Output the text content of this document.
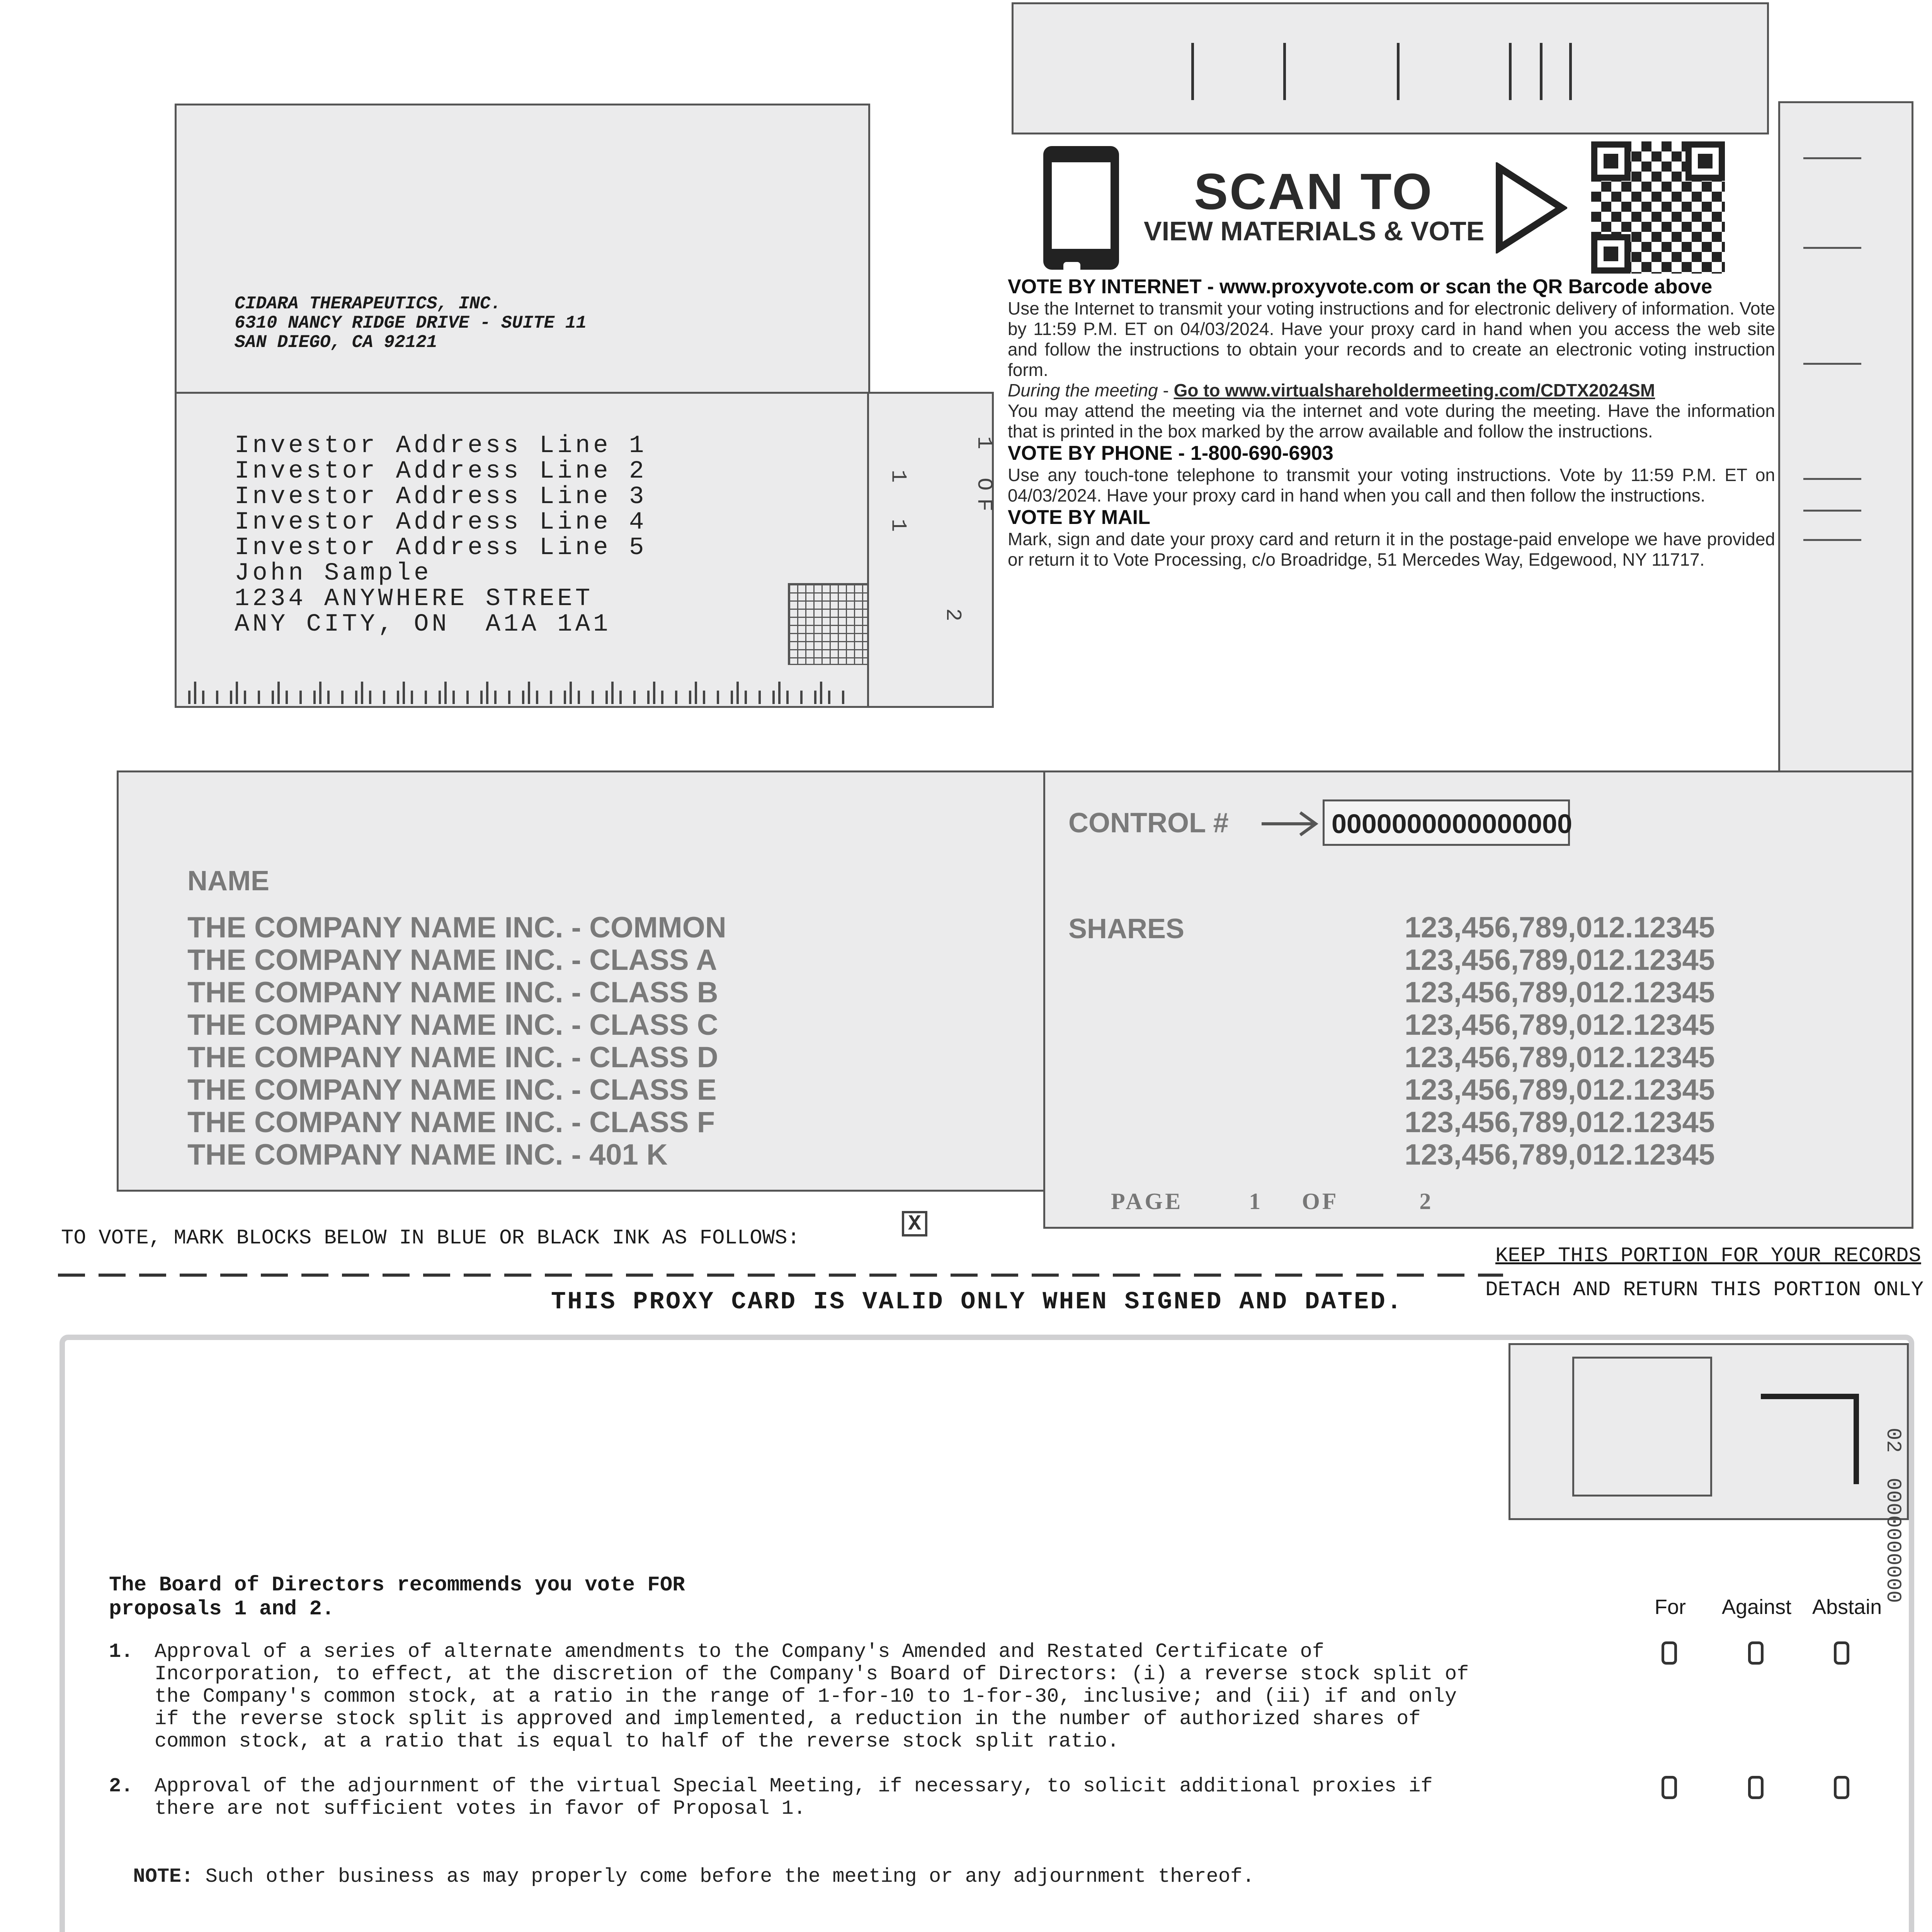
CIDARA THERAPEUTICS, INC.
6310 NANCY RIDGE DRIVE - SUITE 11
SAN DIEGO, CA 92121
Investor Address Line 1
Investor Address Line 2
Investor Address Line 3
Investor Address Line 4
Investor Address Line 5
John Sample
1234 ANYWHERE STREET
ANY CITY, ON  A1A 1A1
1 OF
1 1
2
SCAN TO
VIEW MATERIALS & VOTE
VOTE BY INTERNET - www.proxyvote.com or scan the QR Barcode above
Use the Internet to transmit your voting instructions and for electronic delivery of information. Vote by 11:59 P.M. ET on 04/03/2024. Have your proxy card in hand when you access the web site and follow the instructions to obtain your records and to create an electronic voting instruction form.
During the meeting - Go to www.virtualshareholdermeeting.com/CDTX2024SM
You may attend the meeting via the internet and vote during the meeting. Have the information that is printed in the box marked by the arrow available and follow the instructions.
VOTE BY PHONE - 1-800-690-6903
Use any touch-tone telephone to transmit your voting instructions. Vote by 11:59 P.M. ET on 04/03/2024. Have your proxy card in hand when you call and then follow the instructions.
VOTE BY MAIL
Mark, sign and date your proxy card and return it in the postage-paid envelope we have provided or return it to Vote Processing, c/o Broadridge, 51 Mercedes Way, Edgewood, NY 11717.
NAME
THE COMPANY NAME INC. - COMMON
THE COMPANY NAME INC. - CLASS A
THE COMPANY NAME INC. - CLASS B
THE COMPANY NAME INC. - CLASS C
THE COMPANY NAME INC. - CLASS D
THE COMPANY NAME INC. - CLASS E
THE COMPANY NAME INC. - CLASS F
THE COMPANY NAME INC. - 401 K
CONTROL #	0000000000000000
SHARES	123,456,789,012.12345
123,456,789,012.12345
123,456,789,012.12345
123,456,789,012.12345
123,456,789,012.12345
123,456,789,012.12345
123,456,789,012.12345
123,456,789,012.12345
PAGE	1 OF	2
TO VOTE, MARK BLOCKS BELOW IN BLUE OR BLACK INK AS FOLLOWS:
X
KEEP THIS PORTION FOR YOUR RECORDS
DETACH AND RETURN THIS PORTION ONLY
THIS PROXY CARD IS VALID ONLY WHEN SIGNED AND DATED.

02  0000000000

The Board of Directors recommends you vote FOR
proposals 1 and 2.	For Against Abstain
1. Approval of a series of alternate amendments to the Company's Amended and Restated Certificate of
Incorporation, to effect, at the discretion of the Company's Board of Directors: (i) a reverse stock split of
the Company's common stock, at a ratio in the range of 1-for-10 to 1-for-30, inclusive; and (ii) if and only
if the reverse stock split is approved and implemented, a reduction in the number of authorized shares of
common stock, at a ratio that is equal to half of the reverse stock split ratio.
2. Approval of the adjournment of the virtual Special Meeting, if necessary, to solicit additional proxies if
there are not sufficient votes in favor of Proposal 1.

NOTE: Such other business as may properly come before the meeting or any adjournment thereof.
